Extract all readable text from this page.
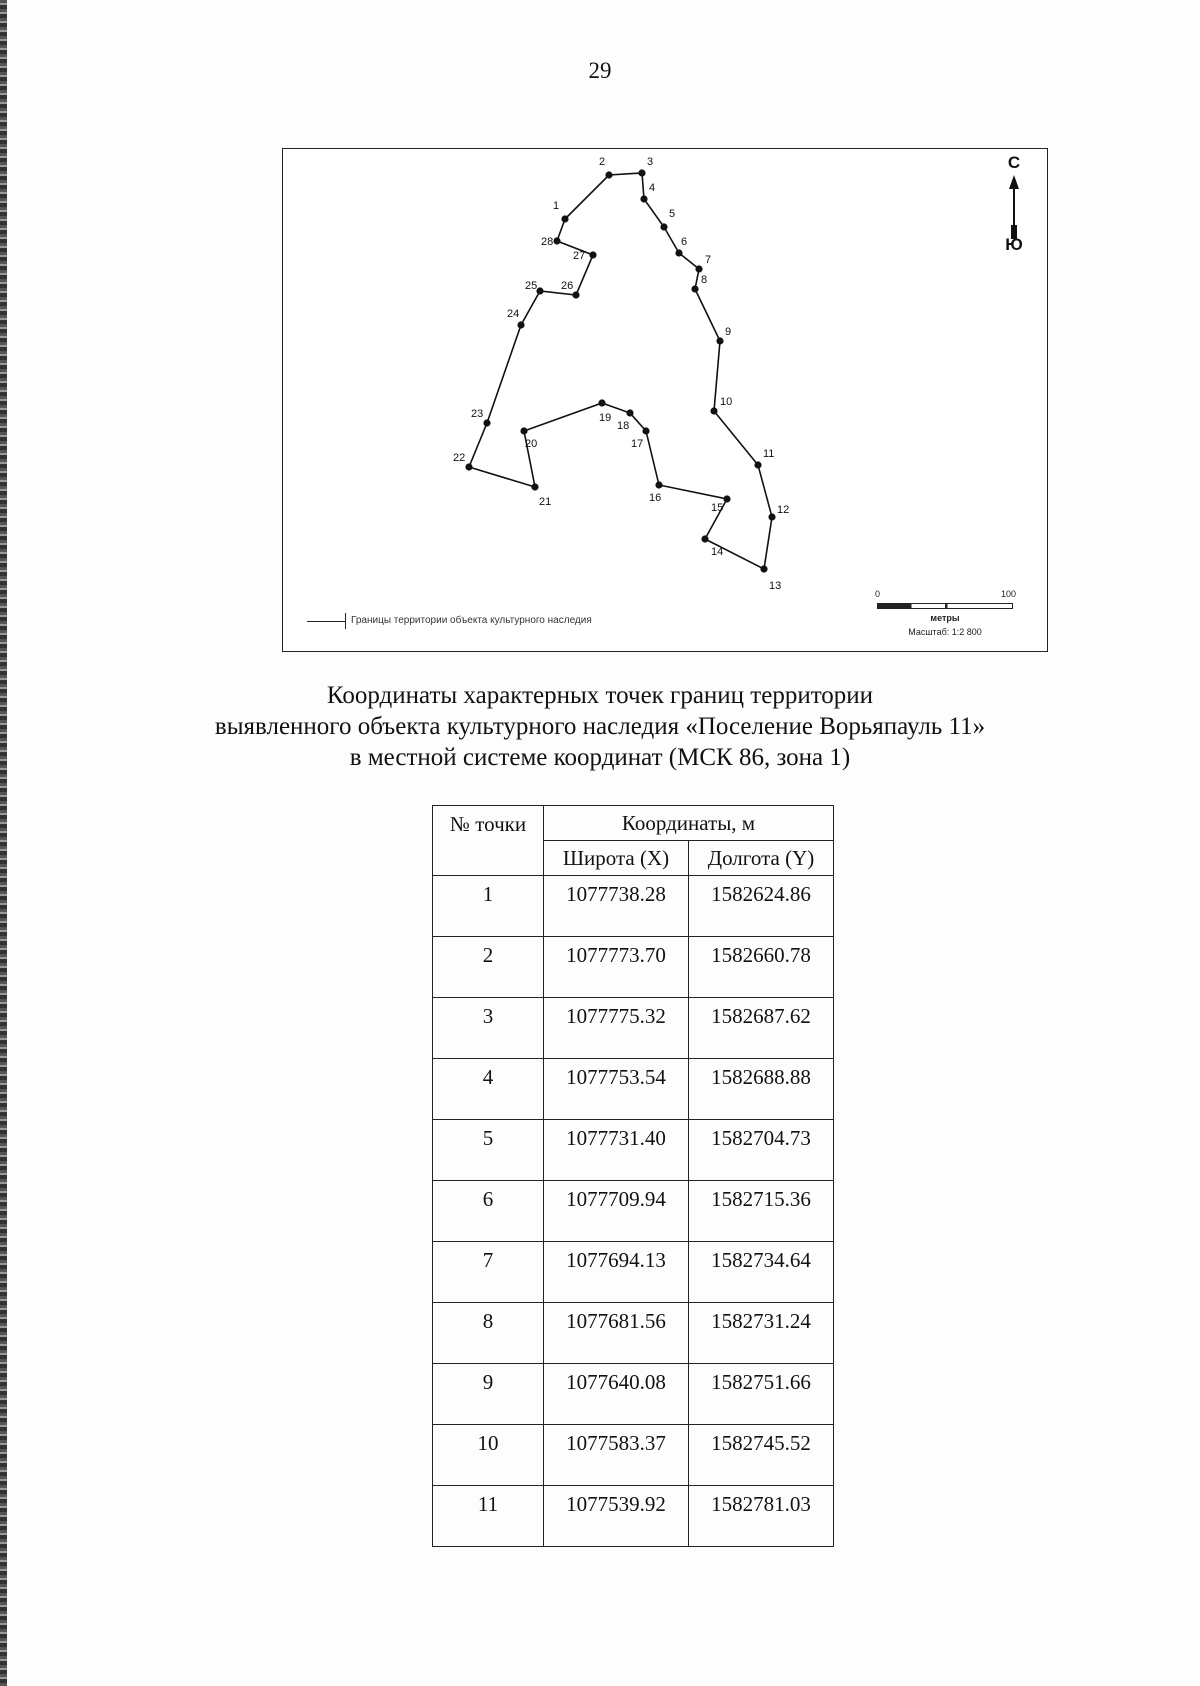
29
1
2	3
4
5
6
7
8
9
10
11
12
13
14
15
16
17
18
19
20
21
22
23
24
25 26
27
28
С
Ю
Границы территории объекта культурного наследия
0	100
метры
Масштаб: 1:2 800
Координаты характерных точек границ территории
выявленного объекта культурного наследия «Поселение Ворьяпауль 11»
в местной системе координат (МСК 86, зона 1)
№ точки	Координаты, м	
	Широта (X)	Долгота (Y)
1	1077738.28	1582624.86
2	1077773.70	1582660.78
3	1077775.32	1582687.62
4	1077753.54	1582688.88
5	1077731.40	1582704.73
6	1077709.94	1582715.36
7	1077694.13	1582734.64
8	1077681.56	1582731.24
9	1077640.08	1582751.66
10	1077583.37	1582745.52
11	1077539.92	1582781.03
